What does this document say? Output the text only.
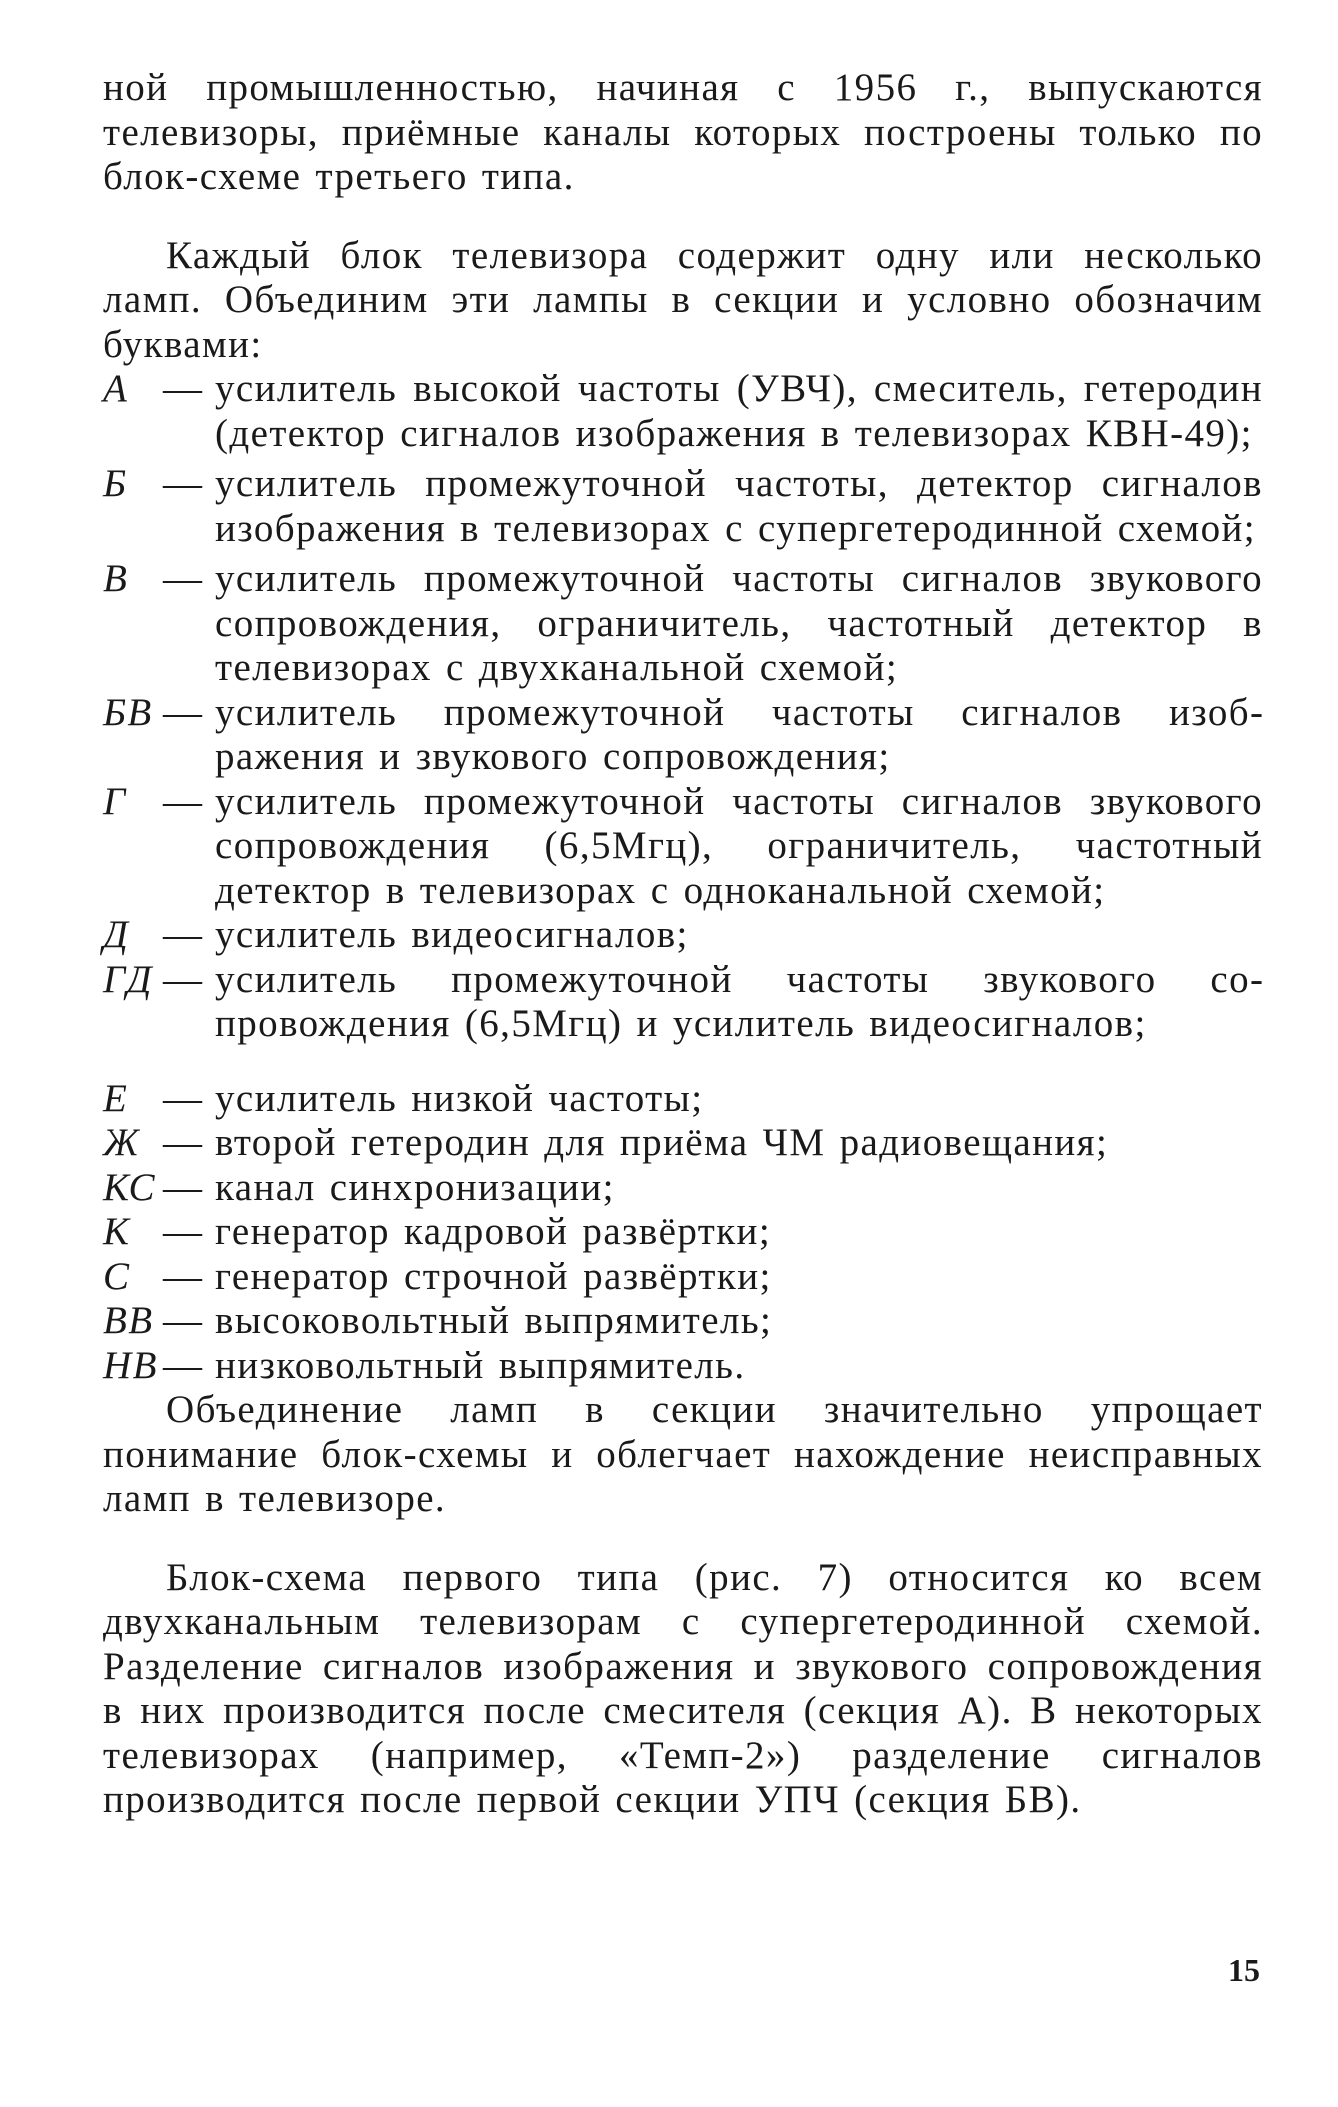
ной промышленностью, начиная с 1956 г., выпускаются телевизоры, приёмные каналы которых построены только по блок-схеме третьего типа.

Каждый блок телевизора содержит одну или несколько ламп. Объединим эти лампы в секции и условно обозначим буквами:

А — усилитель высокой частоты (УВЧ), смеситель, гетеродин (детектор сигналов изображения в телевизорах КВН-49);
Б — усилитель промежуточной частоты, детектор сигналов изображения в телевизорах с супергетеродинной схемой;
В — усилитель промежуточной частоты сигналов звукового сопровождения, ограничитель, частотный детектор в телевизорах с двухканальной схемой;
БВ — усилитель промежуточной частоты сигналов изображения и звукового сопровождения;
Г — усилитель промежуточной частоты сигналов звукового сопровождения (6,5Мгц), ограничитель, частотный детектор в телевизорах с одноканальной схемой;
Д — усилитель видеосигналов;
ГД — усилитель промежуточной частоты звукового сопровождения (6,5Мгц) и усилитель видеосигналов;
Е — усилитель низкой частоты;
Ж — второй гетеродин для приёма ЧМ радиовещания;
КС — канал синхронизации;
К — генератор кадровой развёртки;
С — генератор строчной развёртки;
ВВ — высоковольтный выпрямитель;
НВ — низковольтный выпрямитель.

Объединение ламп в секции значительно упрощает понимание блок-схемы и облегчает нахождение неисправных ламп в телевизоре.

Блок-схема первого типа (рис. 7) относится ко всем двухканальным телевизорам с супергетеродинной схемой. Разделение сигналов изображения и звукового сопровождения в них производится после смесителя (секция А). В некоторых телевизорах (например, «Темп-2») разделение сигналов производится после первой секции УПЧ (секция БВ).

15
